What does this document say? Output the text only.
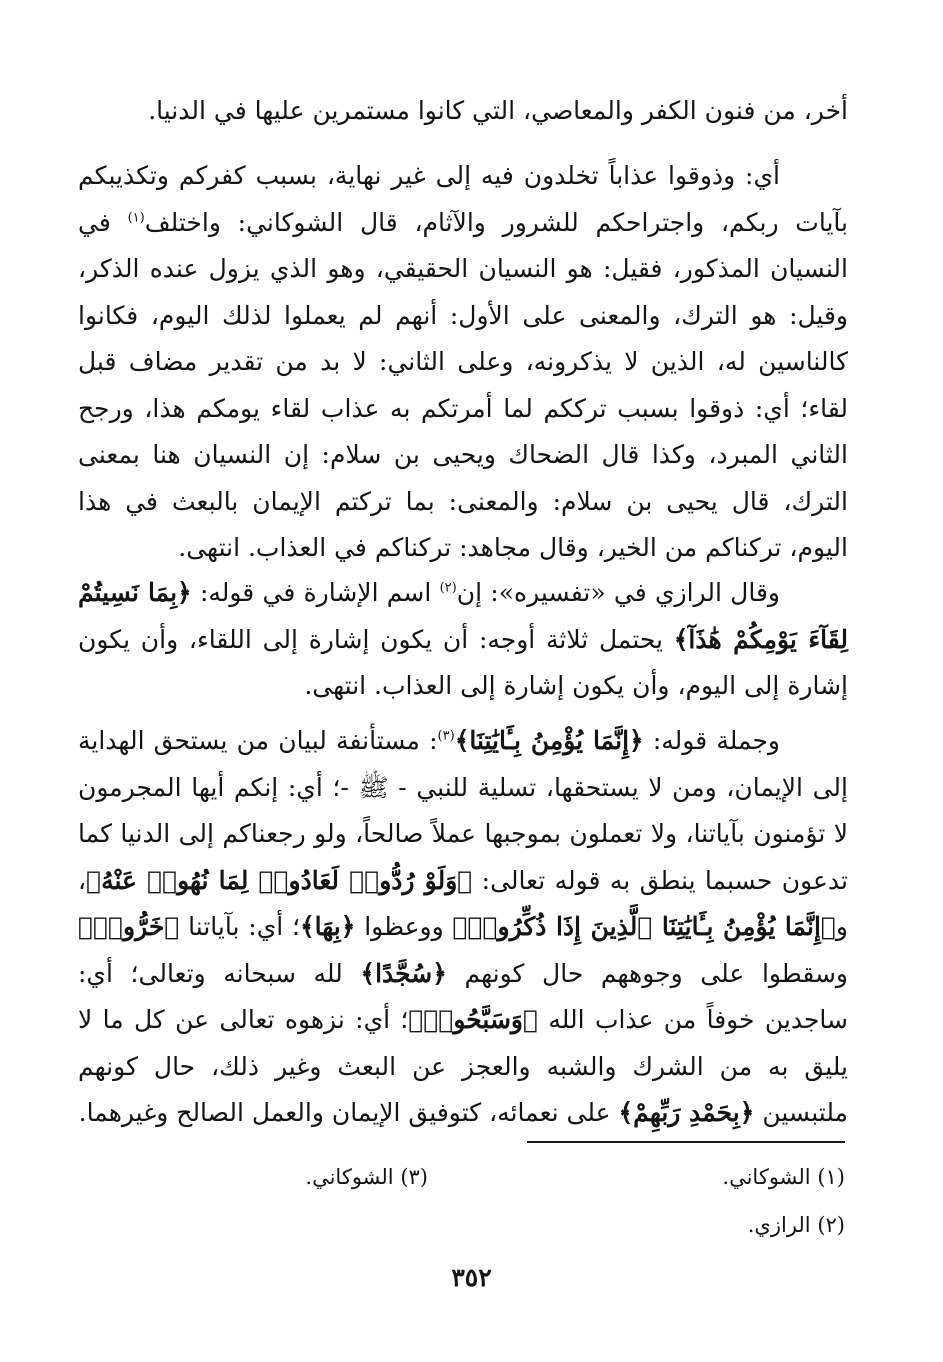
أخر، من فنون الكفر والمعاصي، التي كانوا مستمرين عليها في الدنيا.

أي: وذوقوا عذاباً تخلدون فيه إلى غير نهاية، بسبب كفركم وتكذيبكم بآيات ربكم، واجتراحكم للشرور والآثام، قال الشوكاني: واختلف$^{(١)}$ في النسيان المذكور، فقيل: هو النسيان الحقيقي، وهو الذي يزول عنده الذكر، وقيل: هو الترك، والمعنى على الأول: أنهم لم يعملوا لذلك اليوم، فكانوا كالناسين له، الذين لا يذكرونه، وعلى الثاني: لا بد من تقدير مضاف قبل لقاء؛ أي: ذوقوا بسبب ترككم لما أمرتكم به عذاب لقاء يومكم هذا، ورجح الثاني المبرد، وكذا قال الضحاك ويحيى بن سلام: إن النسيان هنا بمعنى الترك، قال يحيى بن سلام: والمعنى: بما تركتم الإيمان بالبعث في هذا اليوم، تركناكم من الخير، وقال مجاهد: تركناكم في العذاب. انتهى.

وقال الرازي في «تفسيره»: إن$^{(٢)}$ اسم الإشارة في قوله: ﴿بِمَا نَسِيتُمْ لِقَآءَ يَوْمِكُمْ هَٰذَآ﴾ يحتمل ثلاثة أوجه: أن يكون إشارة إلى اللقاء، وأن يكون إشارة إلى اليوم، وأن يكون إشارة إلى العذاب. انتهى.

وجملة قوله: ﴿إِنَّمَا يُؤْمِنُ بِـَٔايَٰتِنَا﴾$^{(٣)}$: مستأنفة لبيان من يستحق الهداية إلى الإيمان، ومن لا يستحقها، تسلية للنبي - ﷺ -؛ أي: إنكم أيها المجرمون لا تؤمنون بآياتنا، ولا تعملون بموجبها عملاً صالحاً، ولو رجعناكم إلى الدنيا كما تدعون حسبما ينطق به قوله تعالى: ﴿وَلَوْ رُدُّوا۟ لَعَادُوا۟ لِمَا نُهُوا۟ عَنْهُ﴾، و﴿إِنَّمَا يُؤْمِنُ بِـَٔايَٰتِنَا ٱلَّذِينَ إِذَا ذُكِّرُوا۟﴾ ووعظوا ﴿بِهَا﴾؛ أي: بآياتنا ﴿خَرُّوا۟﴾ وسقطوا على وجوههم حال كونهم ﴿سُجَّدًا﴾ لله سبحانه وتعالى؛ أي: ساجدين خوفاً من عذاب الله ﴿وَسَبَّحُوا۟﴾؛ أي: نزهوه تعالى عن كل ما لا يليق به من الشرك والشبه والعجز عن البعث وغير ذلك، حال كونهم ملتبسين ﴿بِحَمْدِ رَبِّهِمْ﴾ على نعمائه، كتوفيق الإيمان والعمل الصالح وغيرهما.

(١) الشوكاني.
(٣) الشوكاني.
(٢) الرازي.
٣٥٢
